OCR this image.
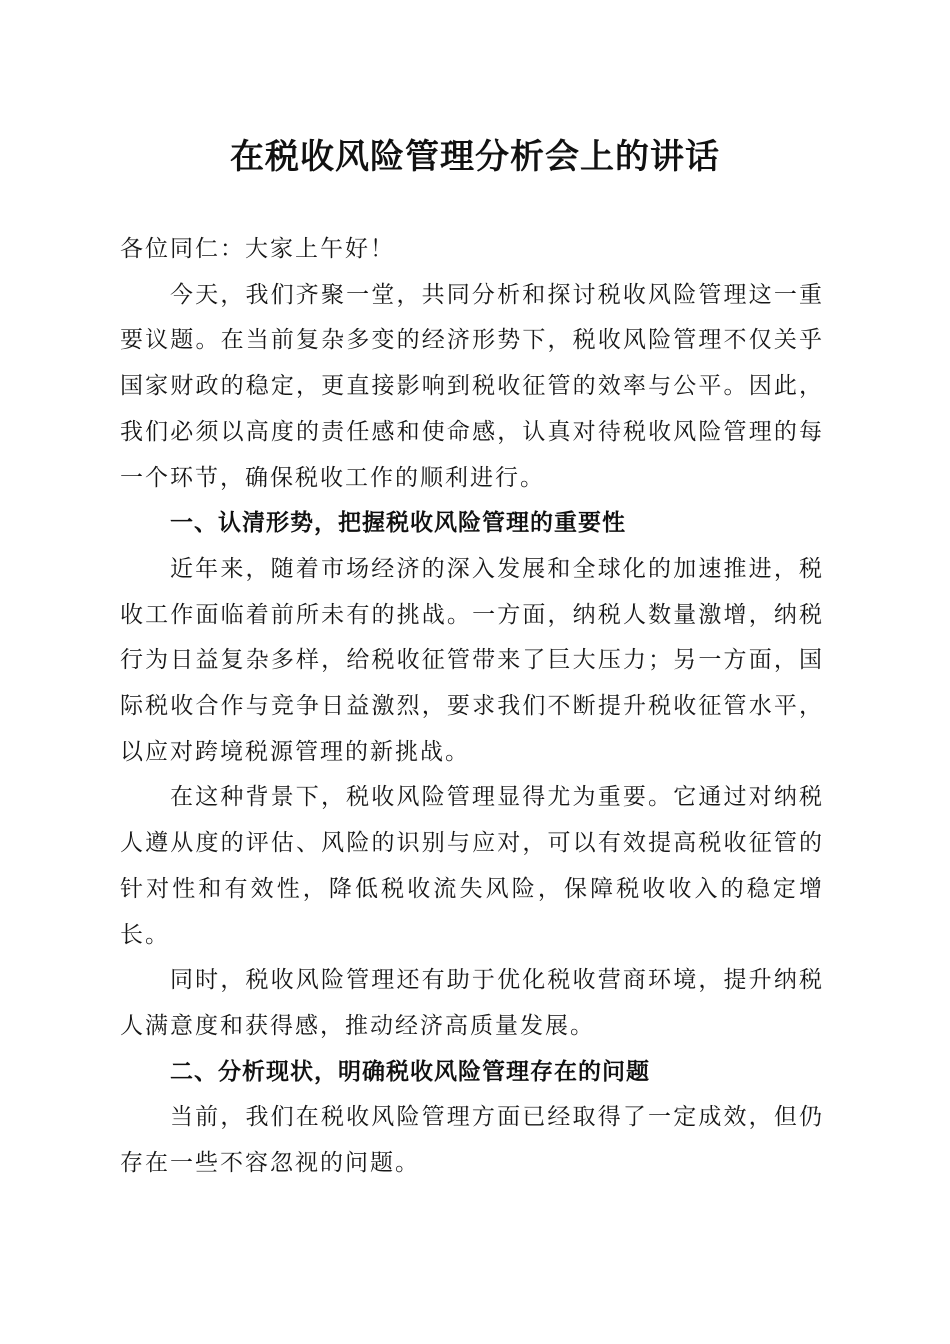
在税收风险管理分析会上的讲话

各位同仁：大家上午好！

今天，我们齐聚一堂，共同分析和探讨税收风险管理这一重要议题。在当前复杂多变的经济形势下，税收风险管理不仅关乎国家财政的稳定，更直接影响到税收征管的效率与公平。因此，我们必须以高度的责任感和使命感，认真对待税收风险管理的每一个环节，确保税收工作的顺利进行。

一、认清形势，把握税收风险管理的重要性

近年来，随着市场经济的深入发展和全球化的加速推进，税收工作面临着前所未有的挑战。一方面，纳税人数量激增，纳税行为日益复杂多样，给税收征管带来了巨大压力；另一方面，国际税收合作与竞争日益激烈，要求我们不断提升税收征管水平，以应对跨境税源管理的新挑战。

在这种背景下，税收风险管理显得尤为重要。它通过对纳税人遵从度的评估、风险的识别与应对，可以有效提高税收征管的针对性和有效性，降低税收流失风险，保障税收收入的稳定增长。

同时，税收风险管理还有助于优化税收营商环境，提升纳税人满意度和获得感，推动经济高质量发展。

二、分析现状，明确税收风险管理存在的问题

当前，我们在税收风险管理方面已经取得了一定成效，但仍存在一些不容忽视的问题。
